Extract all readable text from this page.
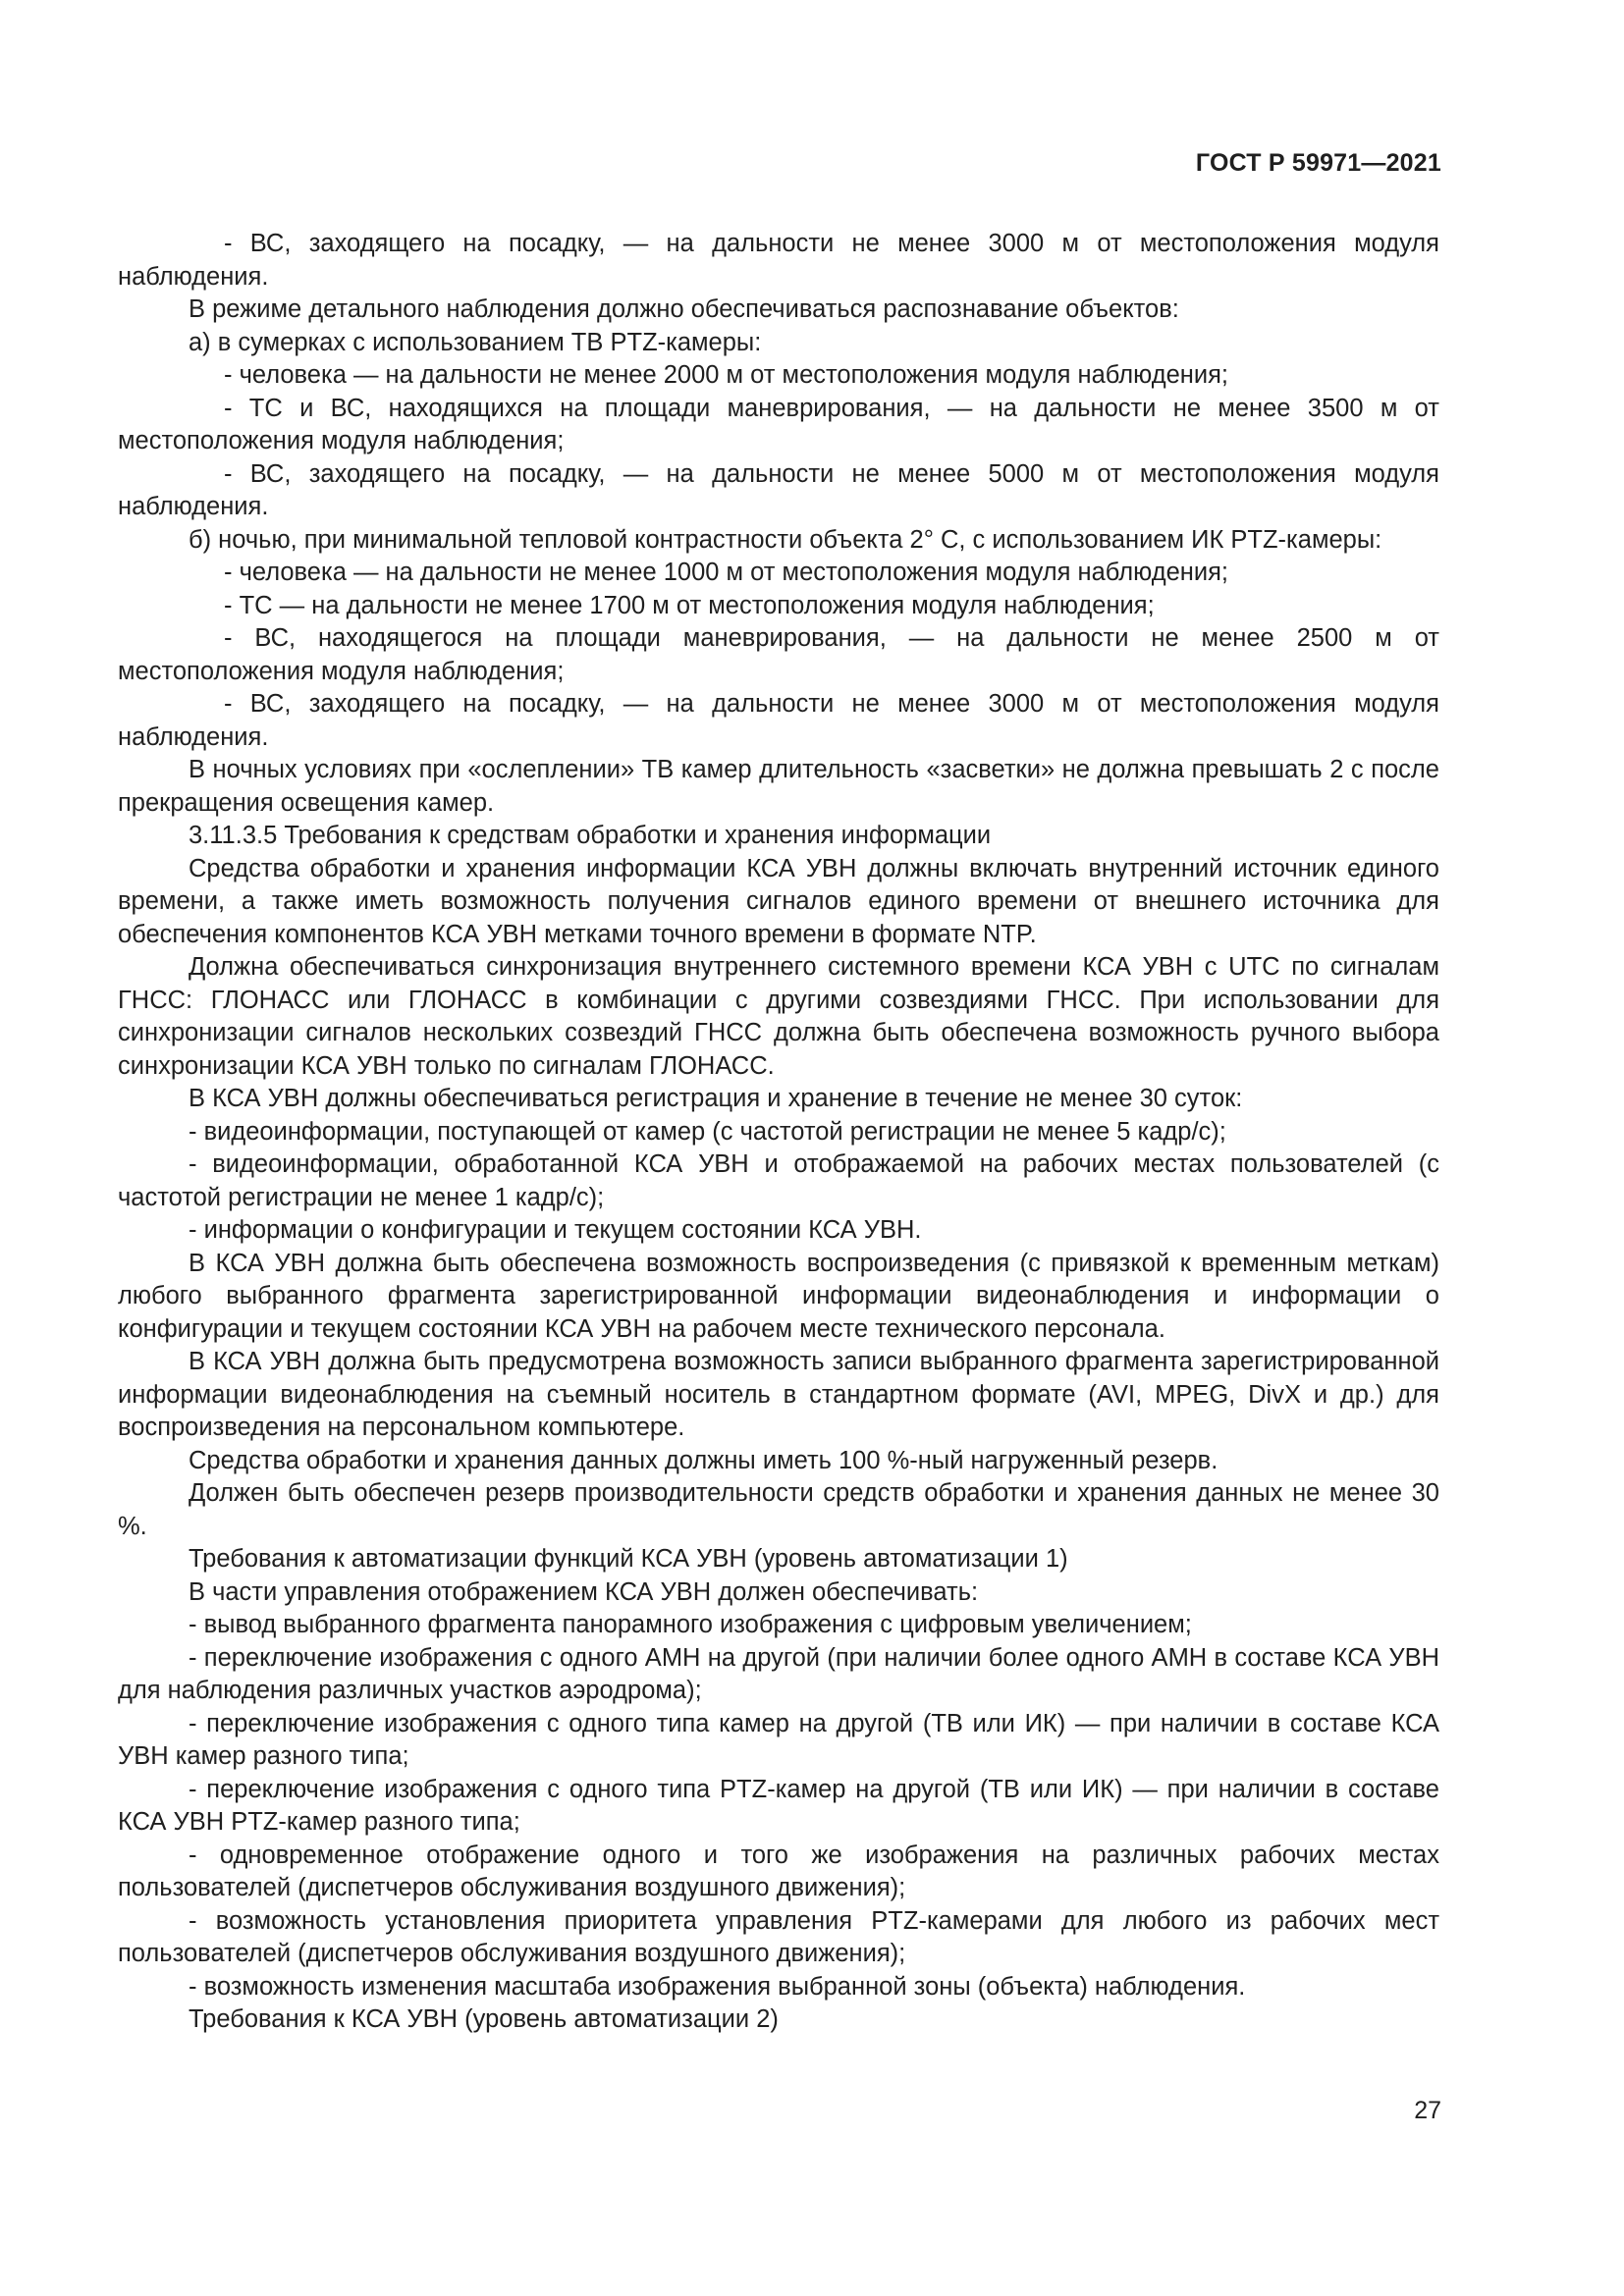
ГОСТ Р 59971—2021

- ВС, заходящего на посадку, — на дальности не менее 3000 м от местоположения модуля наблюдения.

В режиме детального наблюдения должно обеспечиваться распознавание объектов:

а) в сумерках с использованием ТВ PTZ-камеры:

- человека — на дальности не менее 2000 м от местоположения модуля наблюдения;

- ТС и ВС, находящихся на площади маневрирования, — на дальности не менее 3500 м от местоположения модуля наблюдения;

- ВС, заходящего на посадку, — на дальности не менее 5000 м от местоположения модуля наблюдения.

б) ночью, при минимальной тепловой контрастности объекта 2° С, с использованием ИК PTZ-камеры:

- человека — на дальности не менее 1000 м от местоположения модуля наблюдения;

- ТС — на дальности не менее 1700 м от местоположения модуля наблюдения;

- ВС, находящегося на площади маневрирования, — на дальности не менее 2500 м от местоположения модуля наблюдения;

- ВС, заходящего на посадку, — на дальности не менее 3000 м от местоположения модуля наблюдения.

В ночных условиях при «ослеплении» ТВ камер длительность «засветки» не должна превышать 2 с после прекращения освещения камер.

3.11.3.5 Требования к средствам обработки и хранения информации

Средства обработки и хранения информации КСА УВН должны включать внутренний источник единого времени, а также иметь возможность получения сигналов единого времени от внешнего источника для обеспечения компонентов КСА УВН метками точного времени в формате NTP.

Должна обеспечиваться синхронизация внутреннего системного времени КСА УВН с UTC по сигналам ГНСС: ГЛОНАСС или ГЛОНАСС в комбинации с другими созвездиями ГНСС. При использовании для синхронизации сигналов нескольких созвездий ГНСС должна быть обеспечена возможность ручного выбора синхронизации КСА УВН только по сигналам ГЛОНАСС.

В КСА УВН должны обеспечиваться регистрация и хранение в течение не менее 30 суток:

- видеоинформации, поступающей от камер (с частотой регистрации не менее 5 кадр/с);

- видеоинформации, обработанной КСА УВН и отображаемой на рабочих местах пользователей (с частотой регистрации не менее 1 кадр/с);

- информации о конфигурации и текущем состоянии КСА УВН.

В КСА УВН должна быть обеспечена возможность воспроизведения (с привязкой к временным меткам) любого выбранного фрагмента зарегистрированной информации видеонаблюдения и информации о конфигурации и текущем состоянии КСА УВН на рабочем месте технического персонала.

В КСА УВН должна быть предусмотрена возможность записи выбранного фрагмента зарегистрированной информации видеонаблюдения на съемный носитель в стандартном формате (AVI, MPEG, DivX и др.) для воспроизведения на персональном компьютере.

Средства обработки и хранения данных должны иметь 100 %-ный нагруженный резерв.

Должен быть обеспечен резерв производительности средств обработки и хранения данных не менее 30 %.

Требования к автоматизации функций КСА УВН (уровень автоматизации 1)

В части управления отображением КСА УВН должен обеспечивать:

- вывод выбранного фрагмента панорамного изображения с цифровым увеличением;

- переключение изображения с одного АМН на другой (при наличии более одного АМН в составе КСА УВН для наблюдения различных участков аэродрома);

- переключение изображения с одного типа камер на другой (ТВ или ИК) — при наличии в составе КСА УВН камер разного типа;

- переключение изображения с одного типа PTZ-камер на другой (ТВ или ИК) — при наличии в составе КСА УВН PTZ-камер разного типа;

- одновременное отображение одного и того же изображения на различных рабочих местах пользователей (диспетчеров обслуживания воздушного движения);

- возможность установления приоритета управления PTZ-камерами для любого из рабочих мест пользователей (диспетчеров обслуживания воздушного движения);

- возможность изменения масштаба изображения выбранной зоны (объекта) наблюдения.

Требования к КСА УВН (уровень автоматизации 2)

27
